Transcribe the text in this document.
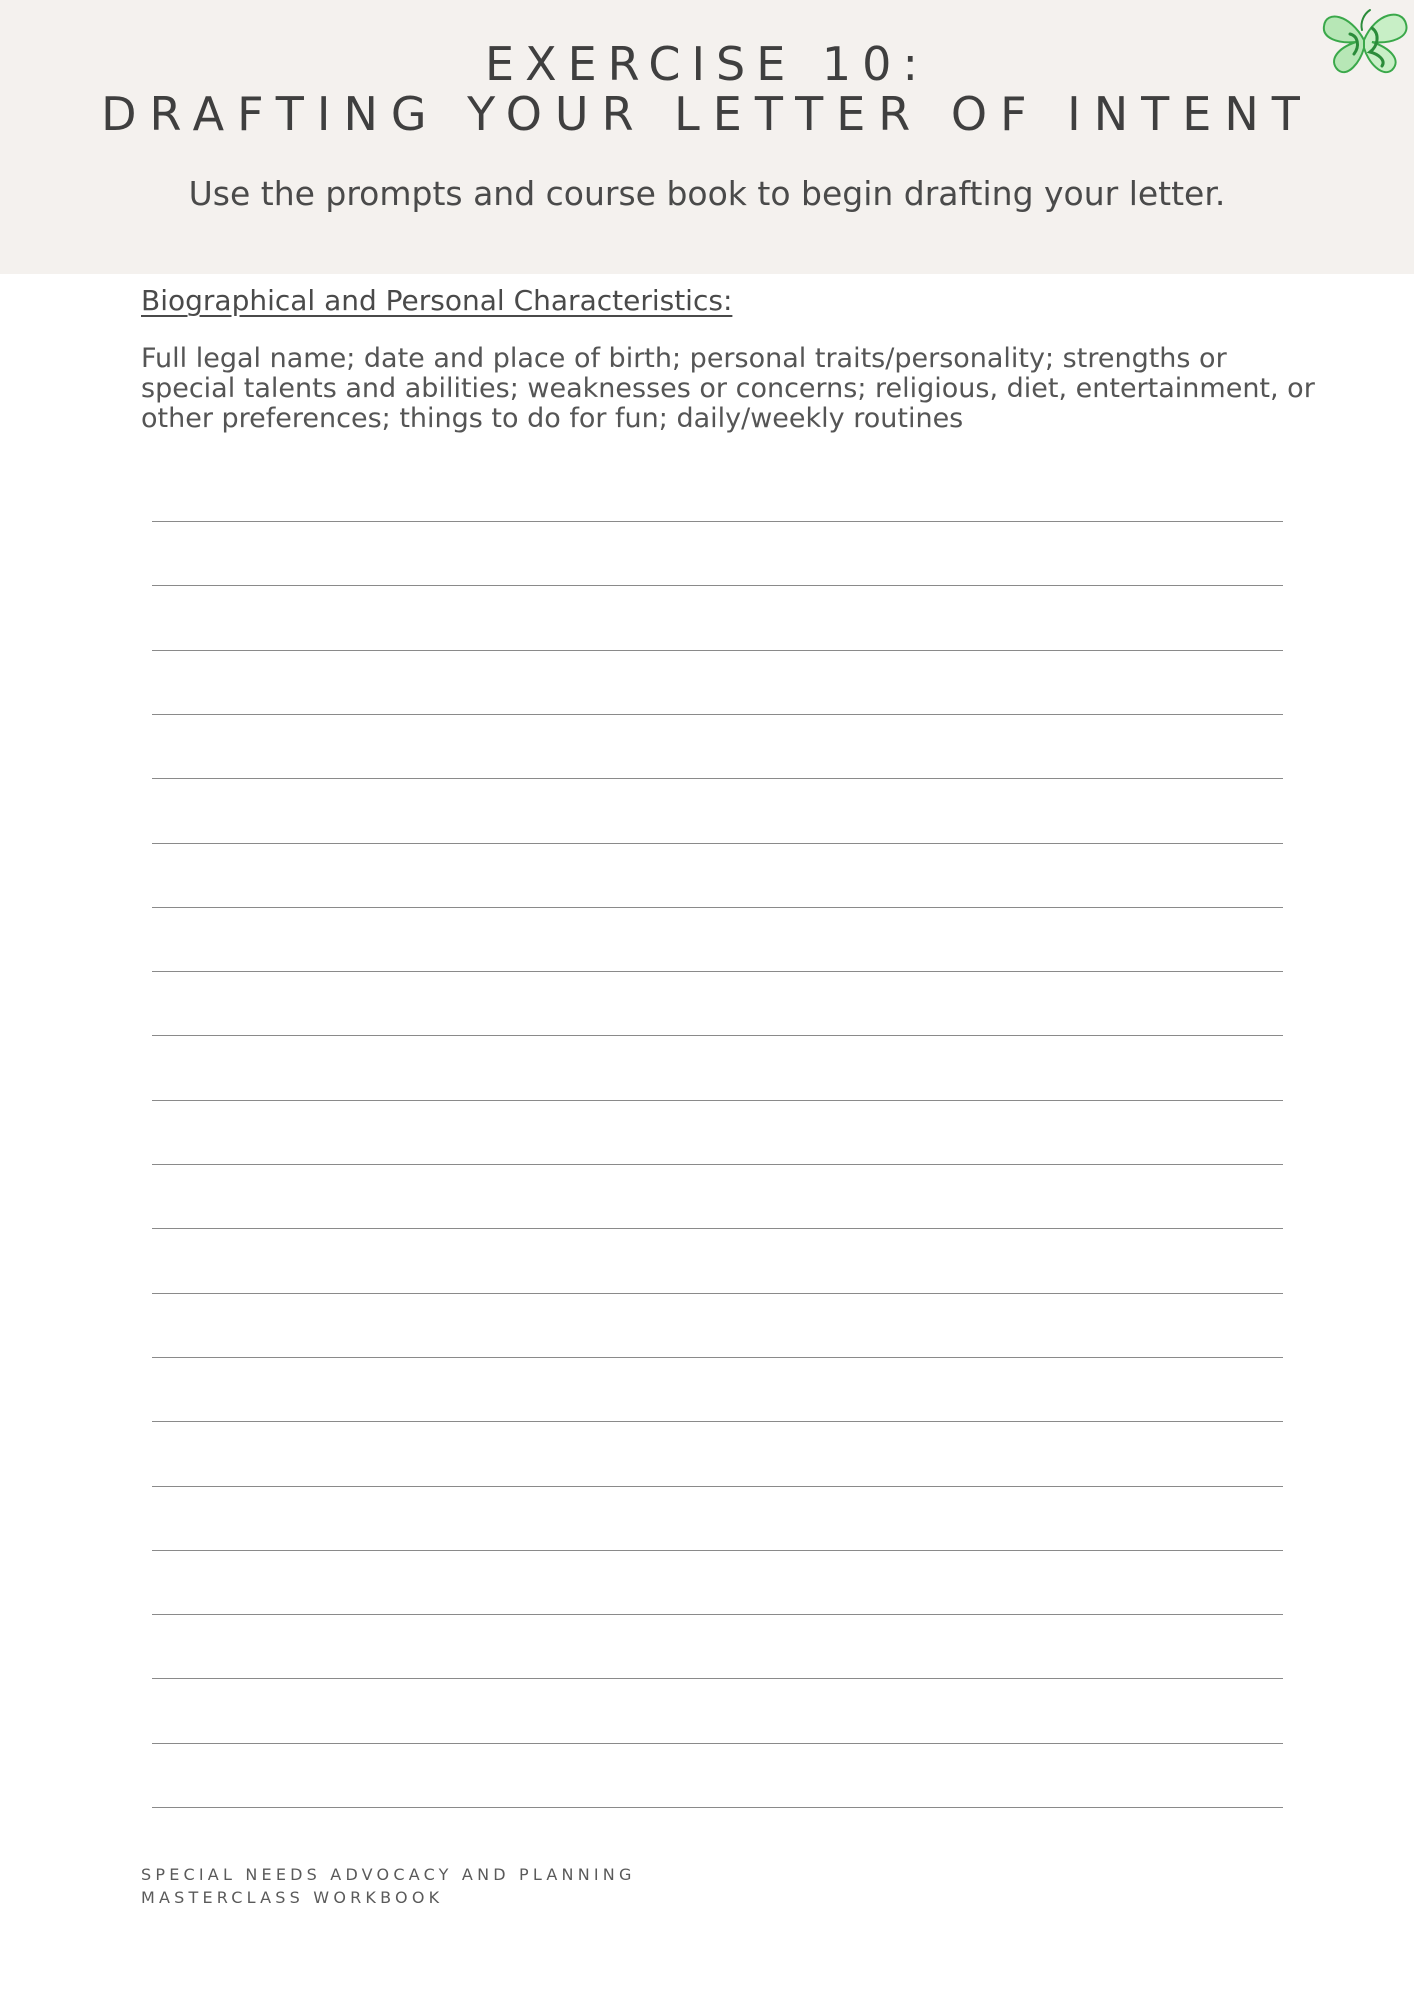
EXERCISE 10:
DRAFTING YOUR LETTER OF INTENT
Use the prompts and course book to begin drafting your letter.
Biographical and Personal Characteristics:
Full legal name; date and place of birth; personal traits/personality; strengths or special talents and abilities; weaknesses or concerns; religious, diet, entertainment, or other preferences; things to do for fun; daily/weekly routines
SPECIAL NEEDS ADVOCACY AND PLANNING
MASTERCLASS WORKBOOK
